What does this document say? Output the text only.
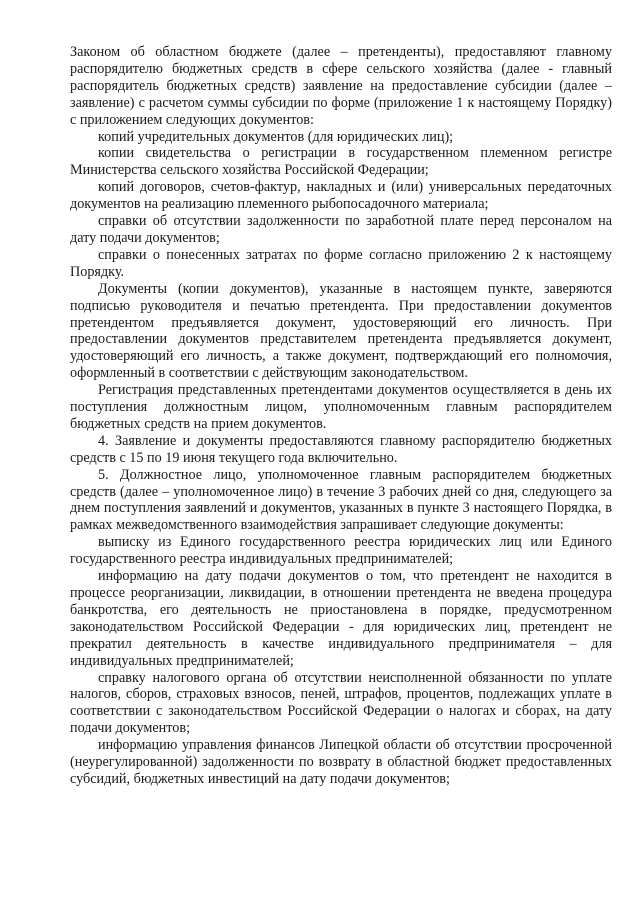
Законом об областном бюджете (далее – претенденты), предоставляют главному распорядителю бюджетных средств в сфере сельского хозяйства (далее - главный распорядитель бюджетных средств) заявление на предоставление субсидии (далее – заявление) с расчетом суммы субсидии по форме (приложение 1 к настоящему Порядку) с приложением следующих документов:

копий учредительных документов (для юридических лиц);

копии свидетельства о регистрации в государственном племенном регистре Министерства сельского хозяйства Российской Федерации;

копий договоров, счетов-фактур, накладных и (или) универсальных передаточных документов на реализацию племенного рыбопосадочного материала;

справки об отсутствии задолженности по заработной плате перед персоналом на дату подачи документов;

справки о понесенных затратах по форме согласно приложению 2 к настоящему Порядку.

Документы (копии документов), указанные в настоящем пункте, заверяются подписью руководителя и печатью претендента. При предоставлении документов претендентом предъявляется документ, удостоверяющий его личность. При предоставлении документов представителем претендента предъявляется документ, удостоверяющий его личность, а также документ, подтверждающий его полномочия, оформленный в соответствии с действующим законодательством.

Регистрация представленных претендентами документов осуществляется в день их поступления должностным лицом, уполномоченным главным распорядителем бюджетных средств на прием документов.

4. Заявление и документы предоставляются главному распорядителю бюджетных средств с 15 по 19 июня текущего года включительно.

5. Должностное лицо, уполномоченное главным распорядителем бюджетных средств (далее – уполномоченное лицо) в течение 3 рабочих дней со дня, следующего за днем поступления заявлений и документов, указанных в пункте 3 настоящего Порядка, в рамках межведомственного взаимодействия запрашивает следующие документы:

выписку из Единого государственного реестра юридических лиц или Единого государственного реестра индивидуальных предпринимателей;

информацию на дату подачи документов о том, что претендент не находится в процессе реорганизации, ликвидации, в отношении претендента не введена процедура банкротства, его деятельность не приостановлена в порядке, предусмотренном законодательством Российской Федерации - для юридических лиц, претендент не прекратил деятельность в качестве индивидуального предпринимателя – для индивидуальных предпринимателей;

справку налогового органа об отсутствии неисполненной обязанности по уплате налогов, сборов, страховых взносов, пеней, штрафов, процентов, подлежащих уплате в соответствии с законодательством Российской Федерации о налогах и сборах, на дату подачи документов;

информацию управления финансов Липецкой области об отсутствии просроченной (неурегулированной) задолженности по возврату в областной бюджет предоставленных субсидий, бюджетных инвестиций на дату подачи документов;
